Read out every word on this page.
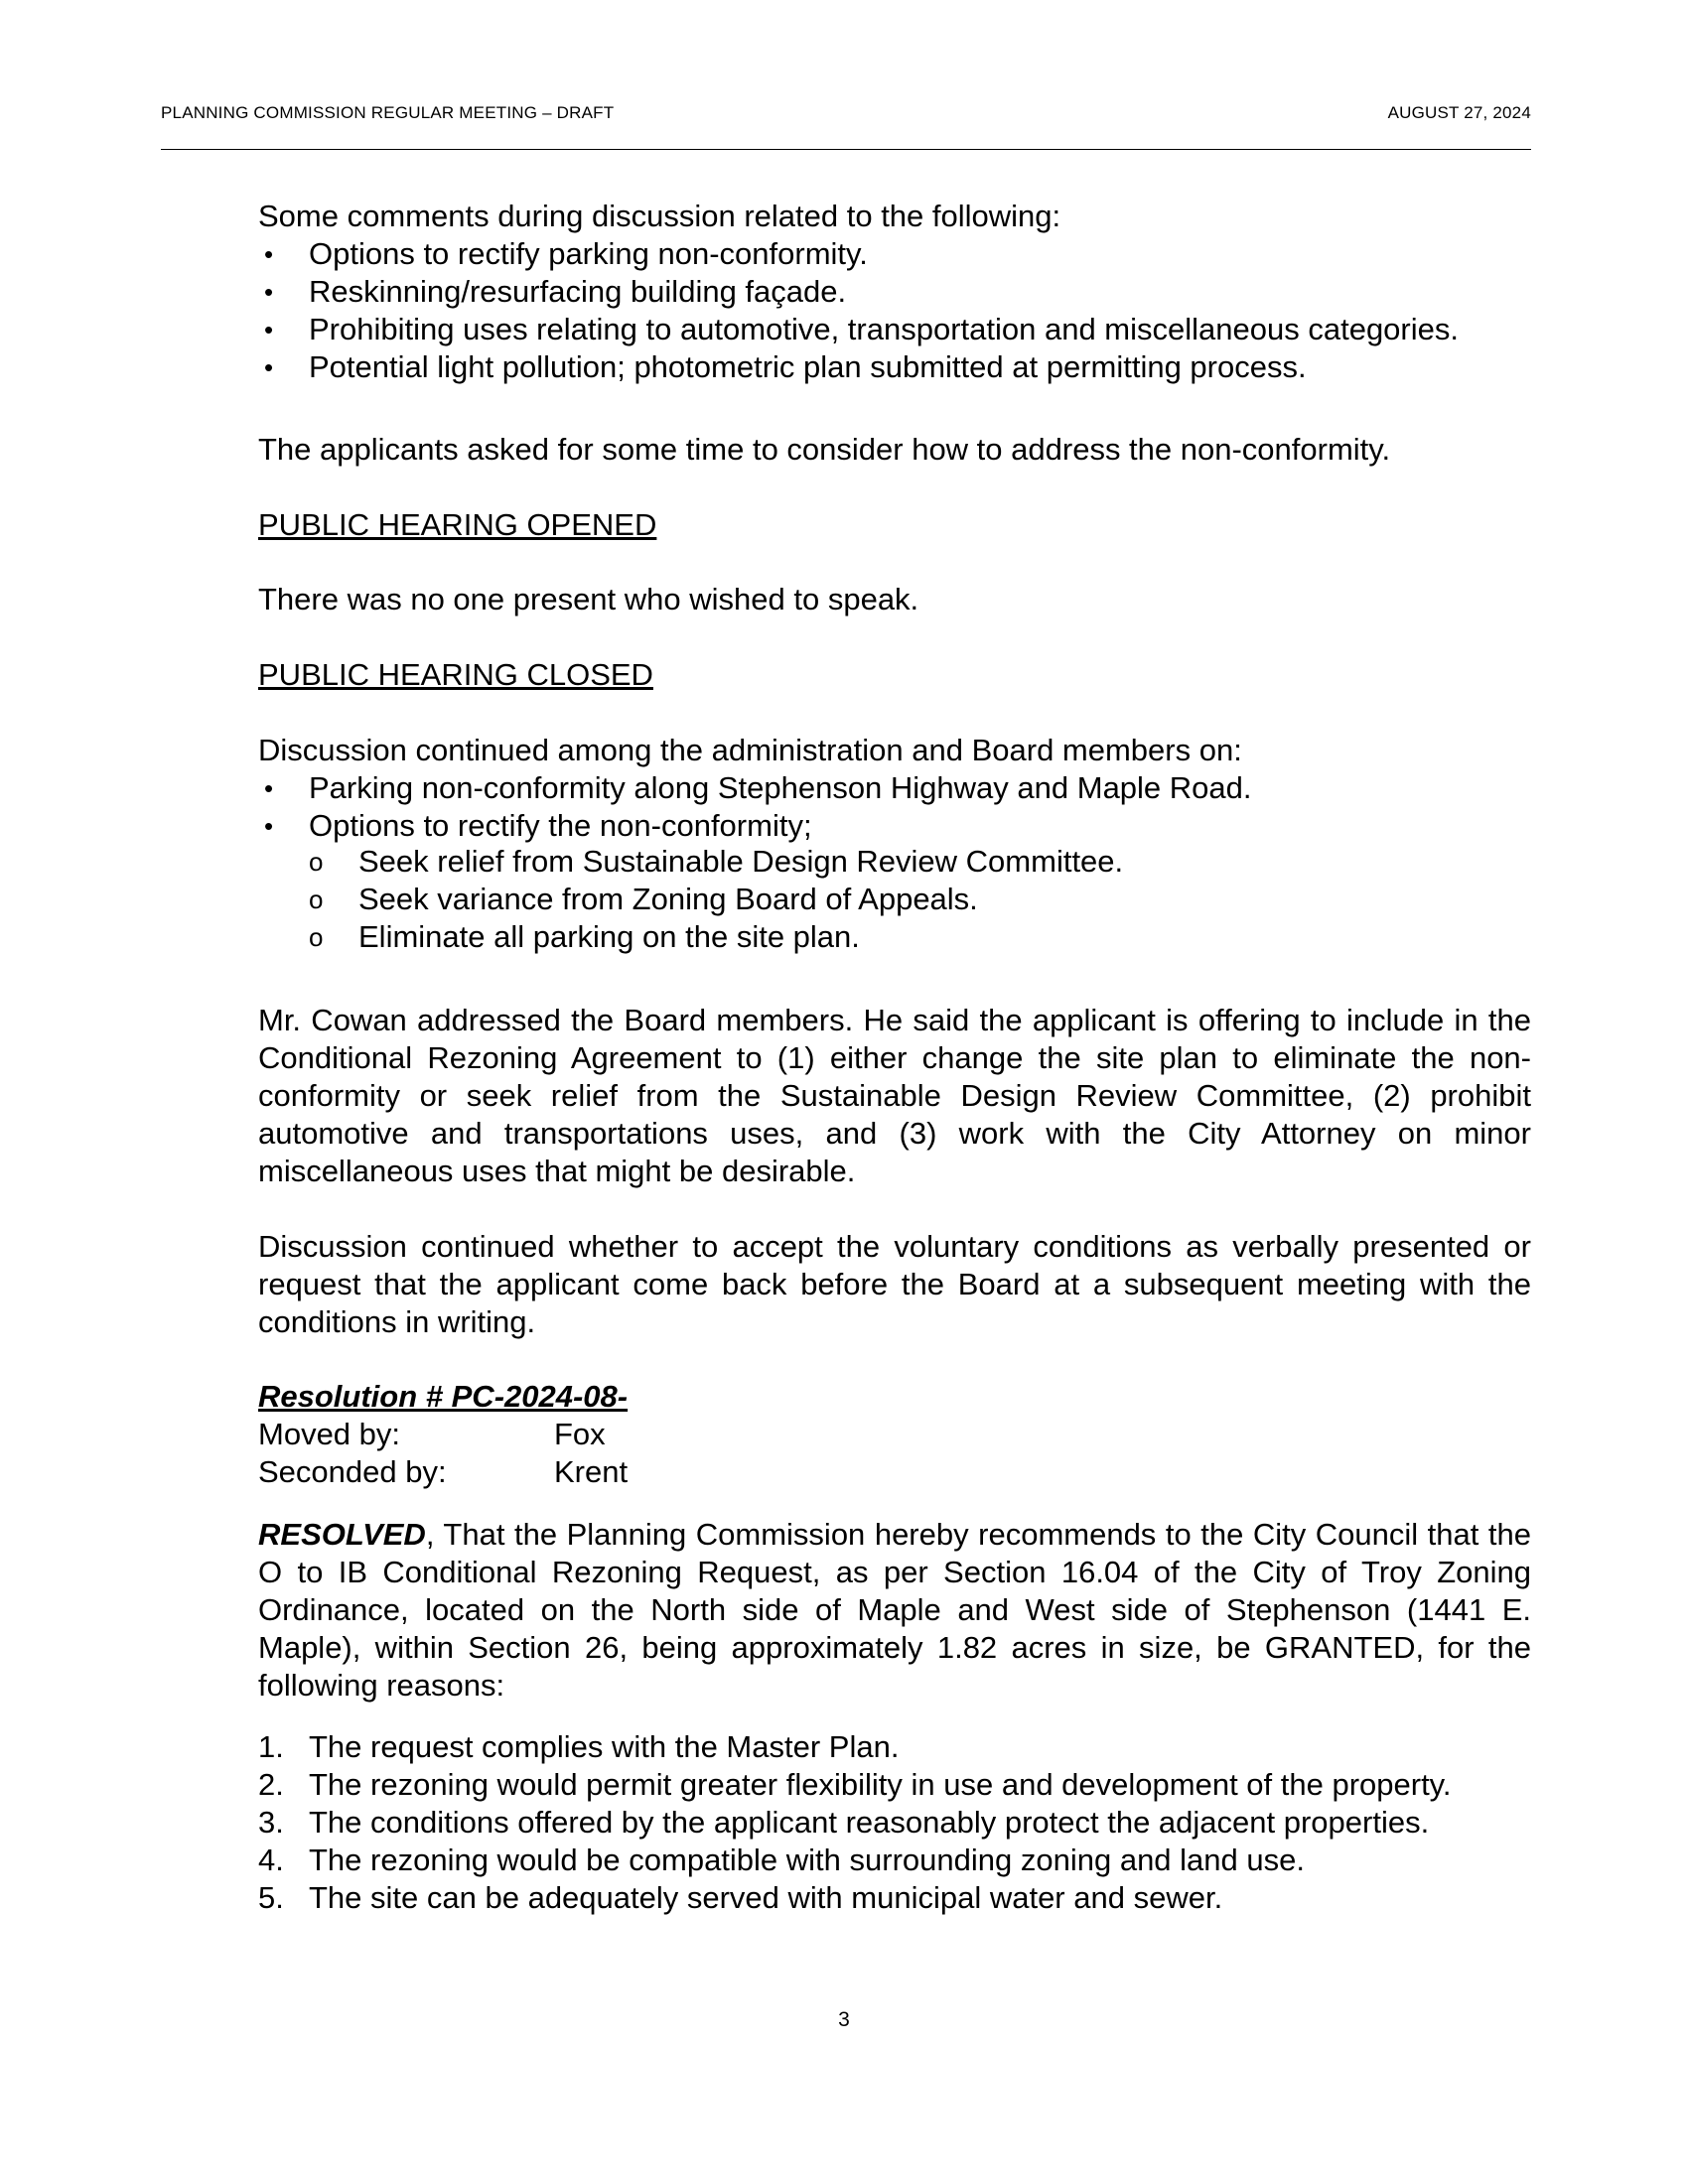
PLANNING COMMISSION REGULAR MEETING – DRAFT	AUGUST 27, 2024

Some comments during discussion related to the following:

• Options to rectify parking non-conformity.
• Reskinning/resurfacing building façade.
• Prohibiting uses relating to automotive, transportation and miscellaneous categories.
• Potential light pollution; photometric plan submitted at permitting process.

The applicants asked for some time to consider how to address the non-conformity.

PUBLIC HEARING OPENED

There was no one present who wished to speak.

PUBLIC HEARING CLOSED

Discussion continued among the administration and Board members on:

• Parking non-conformity along Stephenson Highway and Maple Road.
• Options to rectify the non-conformity;
o Seek relief from Sustainable Design Review Committee.
o Seek variance from Zoning Board of Appeals.
o Eliminate all parking on the site plan.

Mr. Cowan addressed the Board members. He said the applicant is offering to include in the Conditional Rezoning Agreement to (1) either change the site plan to eliminate the non-conformity or seek relief from the Sustainable Design Review Committee, (2) prohibit automotive and transportations uses, and (3) work with the City Attorney on minor miscellaneous uses that might be desirable.

Discussion continued whether to accept the voluntary conditions as verbally presented or request that the applicant come back before the Board at a subsequent meeting with the conditions in writing.

Resolution # PC-2024-08-

Moved by:	Fox
Seconded by:	Krent

RESOLVED, That the Planning Commission hereby recommends to the City Council that the O to IB Conditional Rezoning Request, as per Section 16.04 of the City of Troy Zoning Ordinance, located on the North side of Maple and West side of Stephenson (1441 E. Maple), within Section 26, being approximately 1.82 acres in size, be GRANTED, for the following reasons:

1. The request complies with the Master Plan.
2. The rezoning would permit greater flexibility in use and development of the property.
3. The conditions offered by the applicant reasonably protect the adjacent properties.
4. The rezoning would be compatible with surrounding zoning and land use.
5. The site can be adequately served with municipal water and sewer.
3
